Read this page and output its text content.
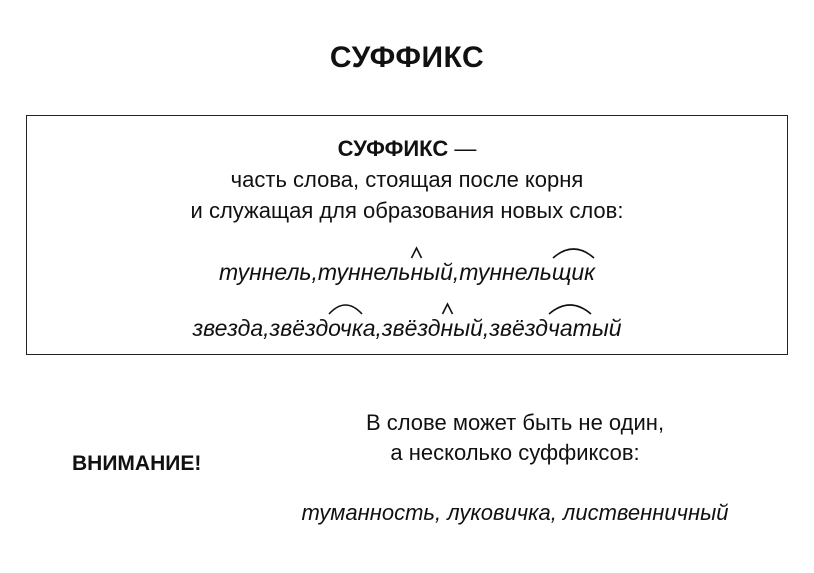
СУФФИКС
СУФФИКС —
часть слова, стоящая после корня
и служащая для образования новых слов:
туннель,туннельн
ый,туннельщик
звезда,звёздочк
а,звёздн
ый,звёздчат
ый
ВНИМАНИЕ!
В слове может быть не один,
а несколько суффиксов:
туманность, луковичка, лиственничный
